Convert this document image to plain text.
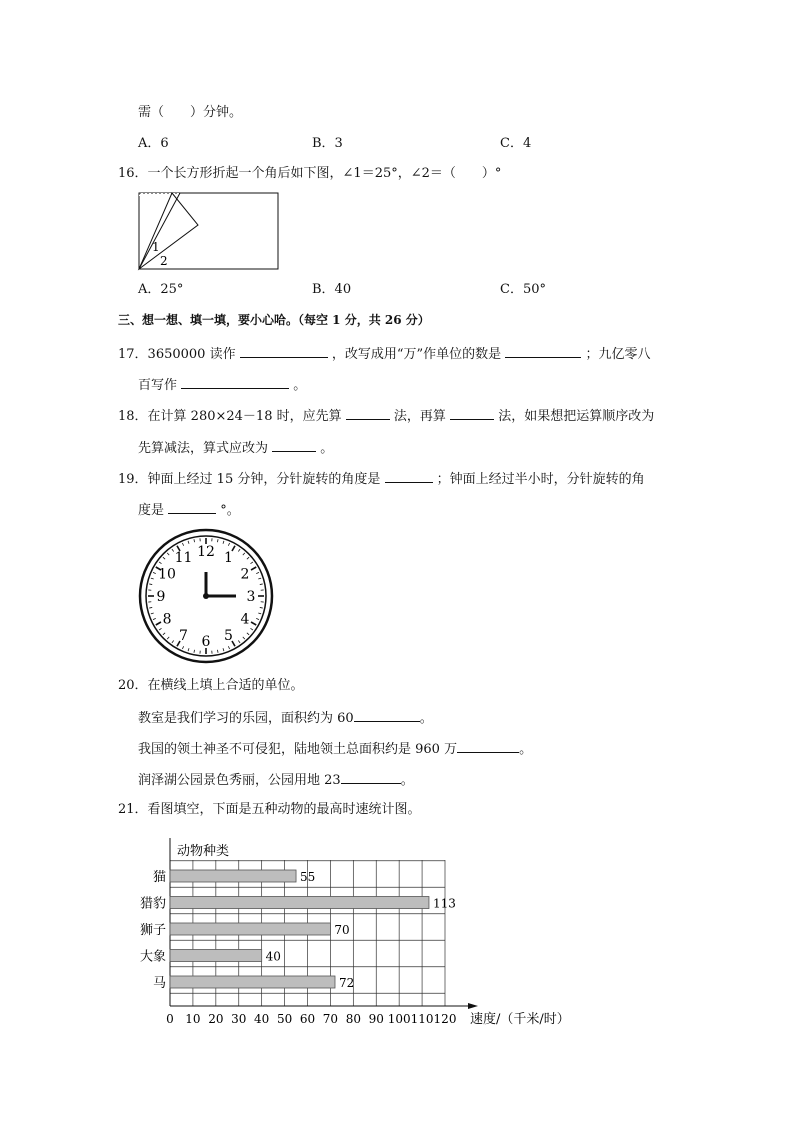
需（　　）分钟。
A．6	B．3	C．4
16．一个长方形折起一个角后如下图，∠1＝25°，∠2＝（　　）°
1
2
A．25°	B．40	C．50°
三、想一想、填一填，要小心哈。（每空 1 分，共 26 分）
17．3650000 读作	，改写成用“万”作单位的数是	；九亿零八
百写作	。
18．在计算 280×24－18 时，应先算	法，再算	法，如果想把运算顺序改为
先算减法，算式应改为	。
19．钟面上经过 15 分钟，分针旋转的角度是	；钟面上经过半小时，分针旋转的角
度是	°。
12 1
2
3
4
5
6
7
8
9
10
11
20．在横线上填上合适的单位。
教室是我们学习的乐园，面积约为 60	。
我国的领土神圣不可侵犯，陆地领土总面积约是 960 万	。
润泽湖公园景色秀丽，公园用地 23	。
21．看图填空，下面是五种动物的最高时速统计图。
动物种类
55
猫
113
猎豹
70
狮子
40
大象
72
马
0 10 20 30 40 50 60 70 80 90 100 110 120 速度/（千米/时）
